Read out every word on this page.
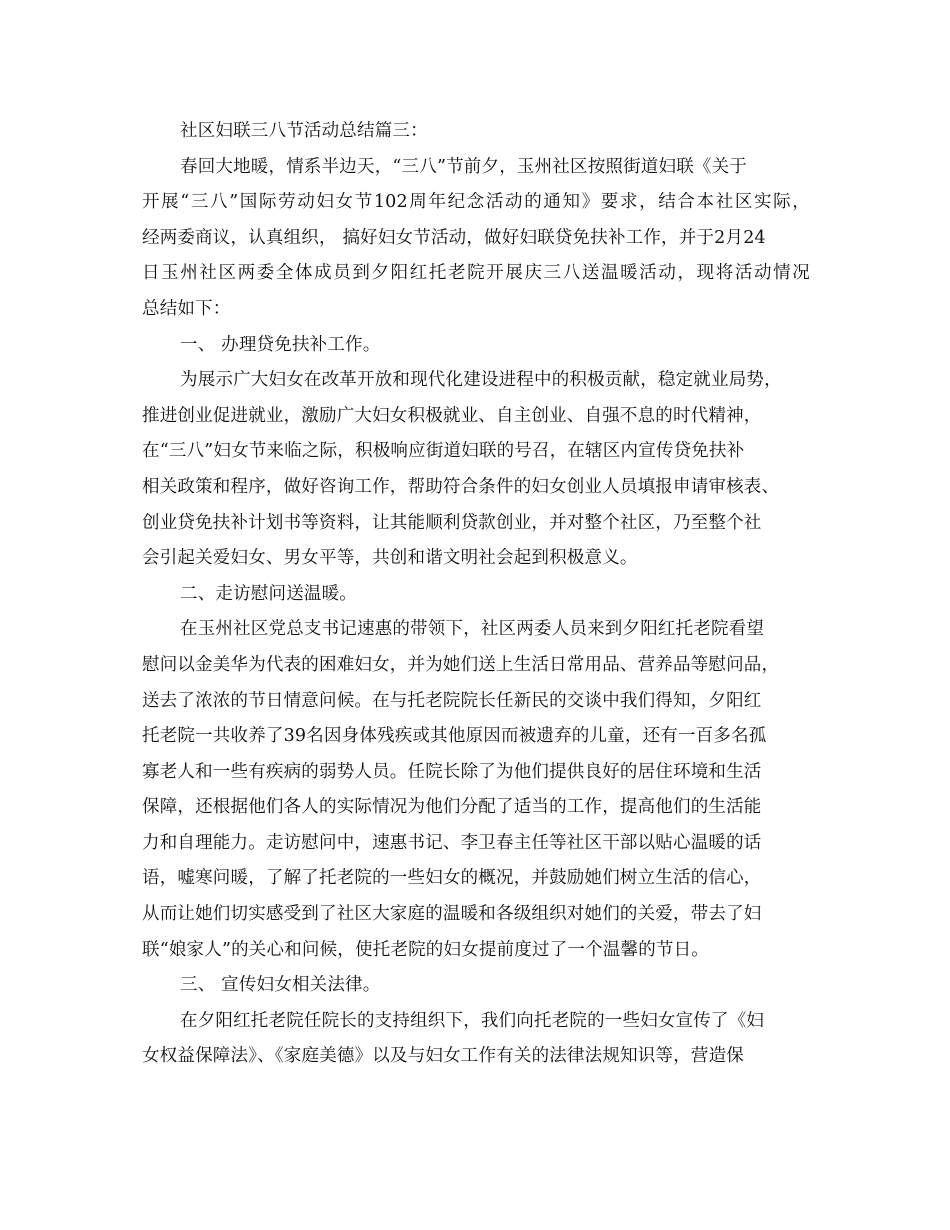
社区妇联三八节活动总结篇三：
春回大地暖，情系半边天，“三八”节前夕，玉州社区按照街道妇联《关于
开展“三八”国际劳动妇女节102周年纪念活动的通知》要求，结合本社区实际，
经两委商议，认真组织， 搞好妇女节活动，做好妇联贷免扶补工作，并于2月24
日玉州社区两委全体成员到夕阳红托老院开展庆三八送温暖活动，现将活动情况
总结如下：
一、 办理贷免扶补工作。
为展示广大妇女在改革开放和现代化建设进程中的积极贡献，稳定就业局势，
推进创业促进就业，激励广大妇女积极就业、自主创业、自强不息的时代精神，
在“三八”妇女节来临之际，积极响应街道妇联的号召，在辖区内宣传贷免扶补
相关政策和程序，做好咨询工作，帮助符合条件的妇女创业人员填报申请审核表、
创业贷免扶补计划书等资料，让其能顺利贷款创业，并对整个社区，乃至整个社
会引起关爱妇女、男女平等，共创和谐文明社会起到积极意义。
二、走访慰问送温暖。
在玉州社区党总支书记速惠的带领下，社区两委人员来到夕阳红托老院看望
慰问以金美华为代表的困难妇女，并为她们送上生活日常用品、营养品等慰问品，
送去了浓浓的节日情意问候。在与托老院院长任新民的交谈中我们得知，夕阳红
托老院一共收养了39名因身体残疾或其他原因而被遗弃的儿童，还有一百多名孤
寡老人和一些有疾病的弱势人员。任院长除了为他们提供良好的居住环境和生活
保障，还根据他们各人的实际情况为他们分配了适当的工作，提高他们的生活能
力和自理能力。走访慰问中，速惠书记、李卫春主任等社区干部以贴心温暖的话
语，嘘寒问暖，了解了托老院的一些妇女的概况，并鼓励她们树立生活的信心，
从而让她们切实感受到了社区大家庭的温暖和各级组织对她们的关爱，带去了妇
联“娘家人”的关心和问候，使托老院的妇女提前度过了一个温馨的节日。
三、 宣传妇女相关法律。
在夕阳红托老院任院长的支持组织下，我们向托老院的一些妇女宣传了《妇
女权益保障法》、《家庭美德》以及与妇女工作有关的法律法规知识等，营造保
